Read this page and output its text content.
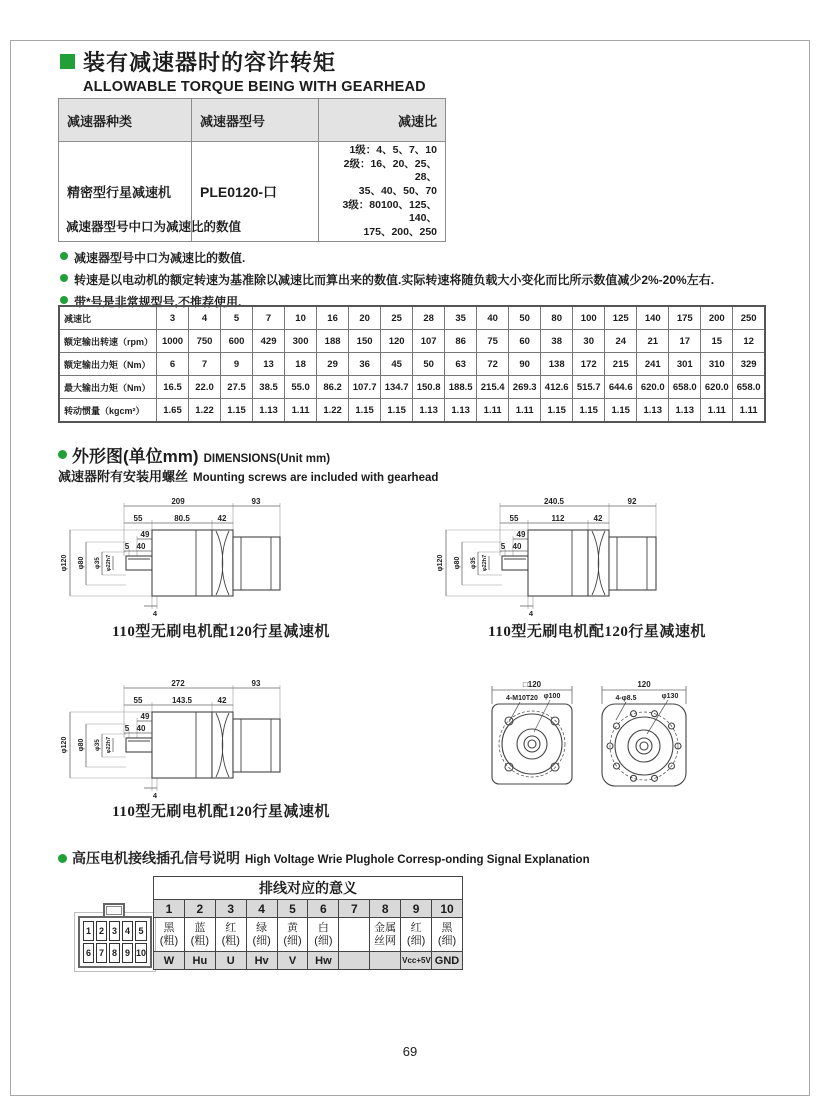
装有减速器时的容许转矩
ALLOWABLE TORQUE BEING WITH GEARHEAD
减速器种类	减速器型号	减速比
精密型行星减速机	PLE0120-口	1级：4、5、7、10
2级：16、20、25、28、
35、40、50、70
3级：80100、125、140、
175、200、250
减速器型号中口为减速比的数值
减速器型号中口为减速比的数值.
转速是以电动机的额定转速为基准除以减速比而算出来的数值.实际转速将随负载大小变化而比所示数值减少2%-20%左右.
带*号是非常规型号,不推荐使用.
减速比	3	4	5	7	10	16	20	25	28	35	40	50	80	100	125	140	175	200	250
额定输出转速（rpm）	1000	750	600	429	300	188	150	120	107	86	75	60	38	30	24	21	17	15	12
额定输出力矩（Nm）	6	7	9	13	18	29	36	45	50	63	72	90	138	172	215	241	301	310	329
最大输出力矩（Nm）	16.5	22.0	27.5	38.5	55.0	86.2	107.7	134.7	150.8	188.5	215.4	269.3	412.6	515.7	644.6	620.0	658.0	620.0	658.0
转动惯量（kgcm²）	1.65	1.22	1.15	1.13	1.11	1.22	1.15	1.15	1.13	1.13	1.11	1.11	1.15	1.15	1.15	1.13	1.13	1.11	1.11
外形图(单位mm) DIMENSIONS(Unit mm)
减速器附有安装用螺丝 Mounting screws are included with gearhead
209	93
55	80.5	42
49
5 40
4
φ120 φ80 φ35 φ22h7
240.5	92
55	112	42
49
5 40
4
φ120 φ80 φ35 φ22h7
110型无刷电机配120行星减速机	110型无刷电机配120行星减速机
272	93
55	143.5	42
49
5 40
4
φ120 φ80 φ35 φ22h7
110型无刷电机配120行星减速机
□120	120
4-M10T20 φ100	4-φ8.5	φ130
高压电机接线插孔信号说明 High Voltage Wrie Plughole Corresp-onding Signal Explanation
1 2 3 4 5
6 7 8 9 10
排线对应的意义									
1	2	3	4	5	6	7	8	9	10
黑(粗)	蓝(粗)	红(粗)	绿(细)	黄(细)	白(细)		金属丝网	红(细)	黑(细)
W	Hu	U	Hv	V	Hw			Vcc+5V	GND
69
